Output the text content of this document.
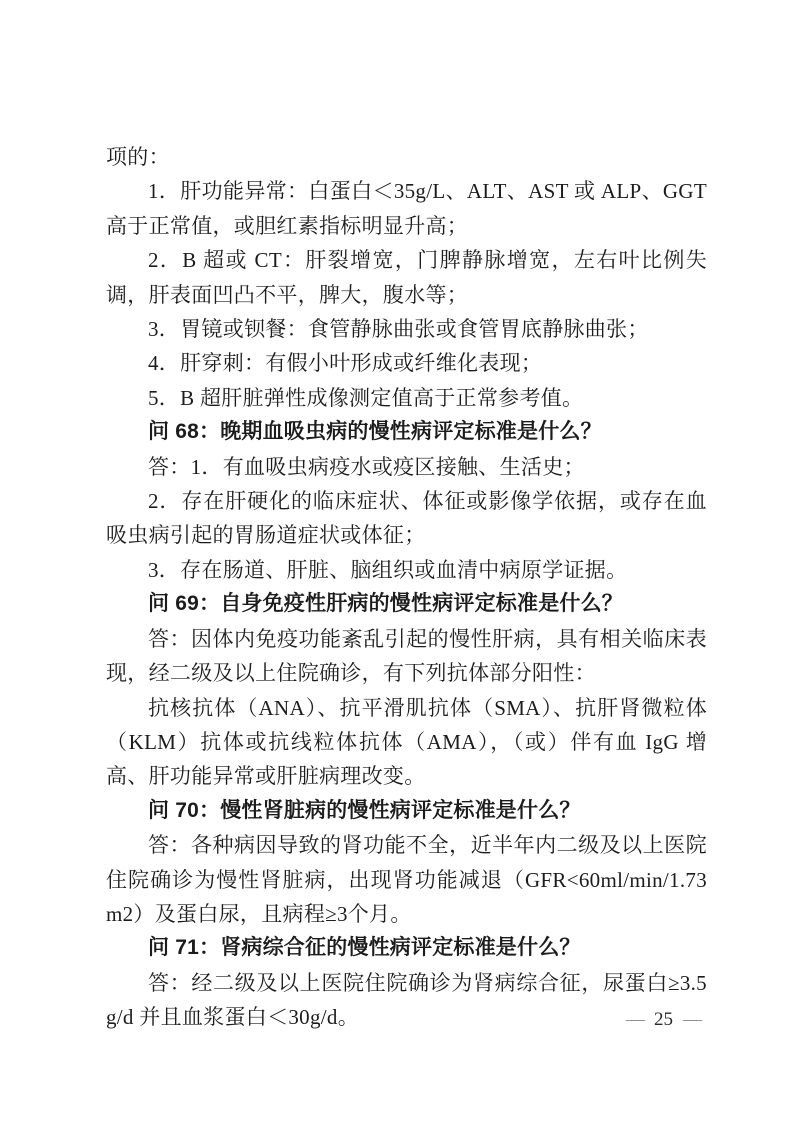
项的：

1．肝功能异常：白蛋白＜35g/L、ALT、AST 或 ALP、GGT 高于正常值，或胆红素指标明显升高；

2．B 超或 CT：肝裂增宽，门脾静脉增宽，左右叶比例失调，肝表面凹凸不平，脾大，腹水等；

3．胃镜或钡餐：食管静脉曲张或食管胃底静脉曲张；

4．肝穿刺：有假小叶形成或纤维化表现；

5．B 超肝脏弹性成像测定值高于正常参考值。

问 68：晚期血吸虫病的慢性病评定标准是什么？

答：1．有血吸虫病疫水或疫区接触、生活史；

2．存在肝硬化的临床症状、体征或影像学依据，或存在血吸虫病引起的胃肠道症状或体征；

3．存在肠道、肝脏、脑组织或血清中病原学证据。

问 69：自身免疫性肝病的慢性病评定标准是什么？

答：因体内免疫功能紊乱引起的慢性肝病，具有相关临床表现，经二级及以上住院确诊，有下列抗体部分阳性：

抗核抗体（ANA）、抗平滑肌抗体（SMA）、抗肝肾微粒体（KLM）抗体或抗线粒体抗体（AMA），（或）伴有血 IgG 增高、肝功能异常或肝脏病理改变。

问 70：慢性肾脏病的慢性病评定标准是什么？

答：各种病因导致的肾功能不全，近半年内二级及以上医院住院确诊为慢性肾脏病，出现肾功能减退（GFR<60ml/min/1.73 m2）及蛋白尿，且病程≥3个月。

问 71：肾病综合征的慢性病评定标准是什么？

答：经二级及以上医院住院确诊为肾病综合征，尿蛋白≥3.5g/d 并且血浆蛋白＜30g/d。	— 25 —
